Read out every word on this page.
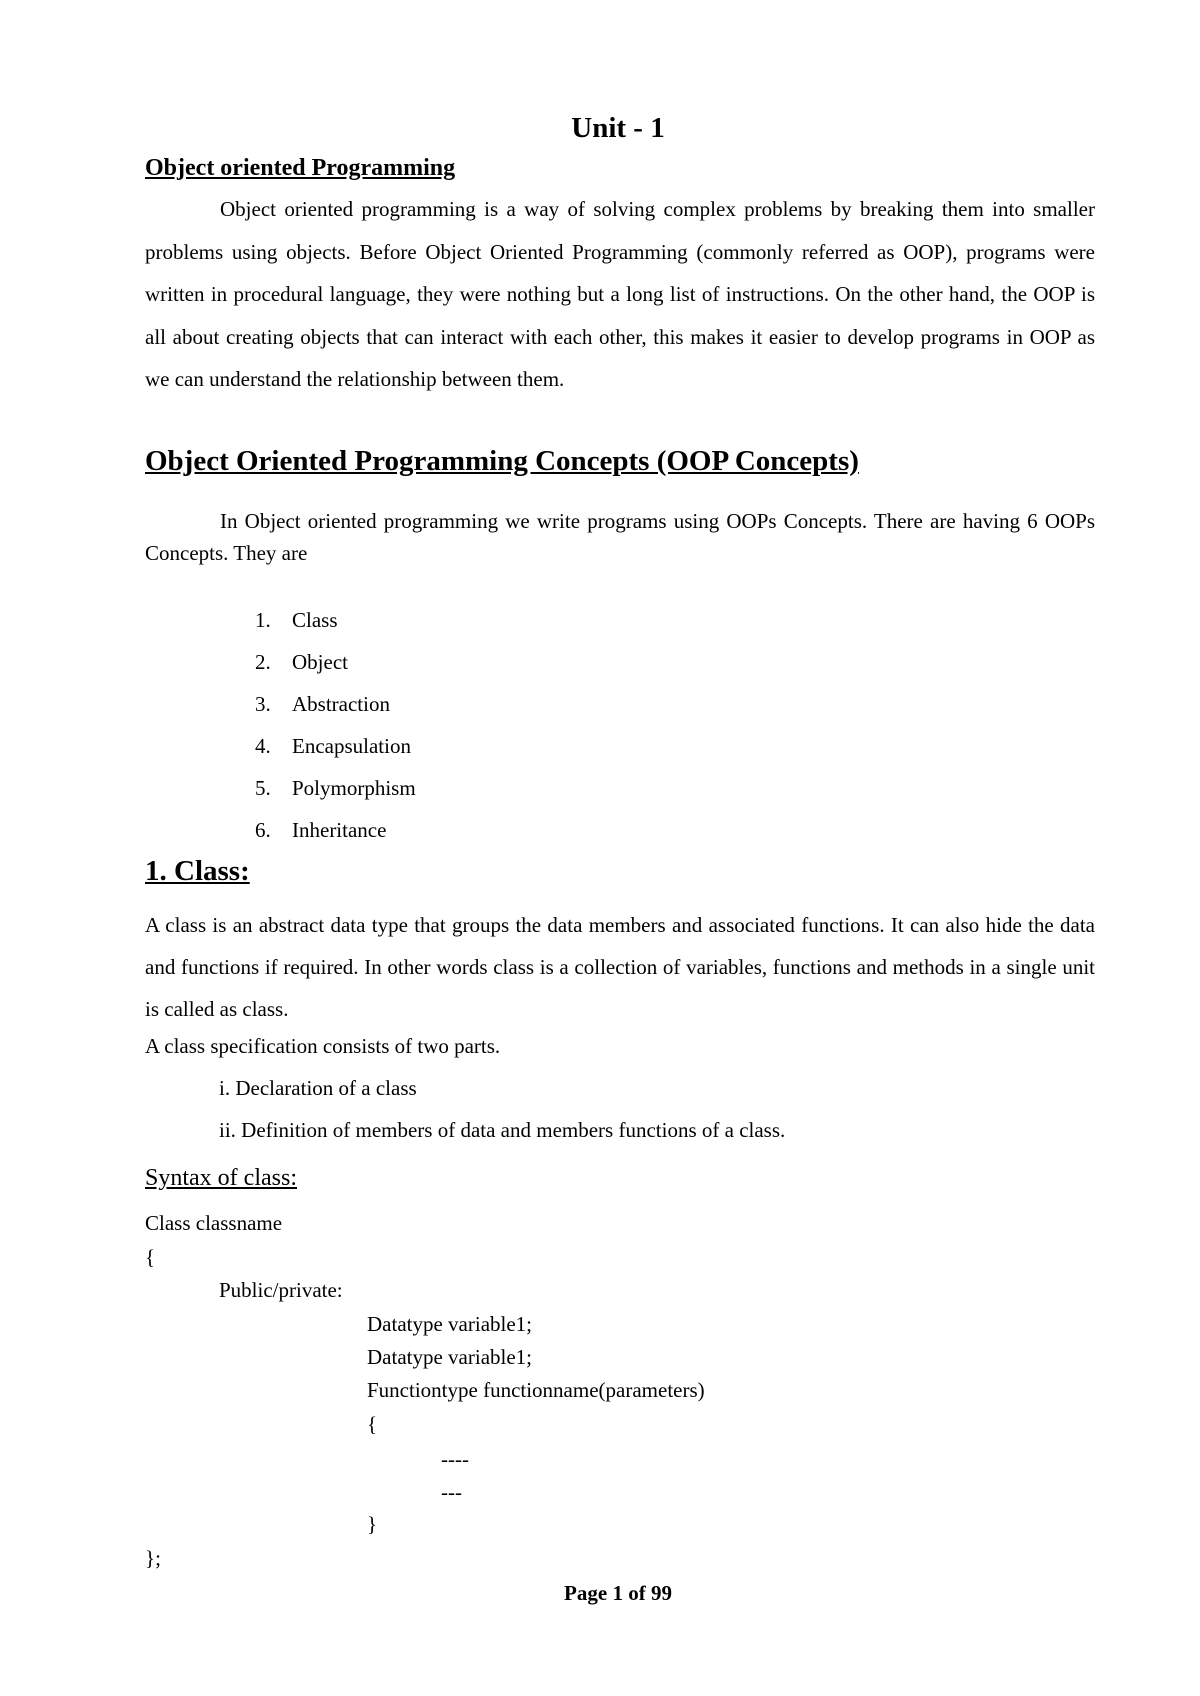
Unit - 1
Object oriented Programming
Object oriented programming is a way of solving complex problems by breaking them into smaller problems using objects. Before Object Oriented Programming (commonly referred as OOP), programs were written in procedural language, they were nothing but a long list of instructions. On the other hand, the OOP is all about creating objects that can interact with each other, this makes it easier to develop programs in OOP as we can understand the relationship between them.
Object Oriented Programming Concepts (OOP Concepts)
In Object oriented programming we write programs using OOPs Concepts. There are having 6 OOPs Concepts. They are
1. Class
2. Object
3. Abstraction
4. Encapsulation
5. Polymorphism
6. Inheritance
1. Class:
A class is an abstract data type that groups the data members and associated functions. It can also hide the data and functions if required. In other words class is a collection of variables, functions and methods in a single unit is called as class.
A class specification consists of two parts.
i. Declaration of a class
ii. Definition of members of data and members functions of a class.
Syntax of class:
Class classname
{
Public/private:
Datatype variable1;
Datatype variable1;
Functiontype functionname(parameters)
{
----
---
}
};
Page 1 of 99
